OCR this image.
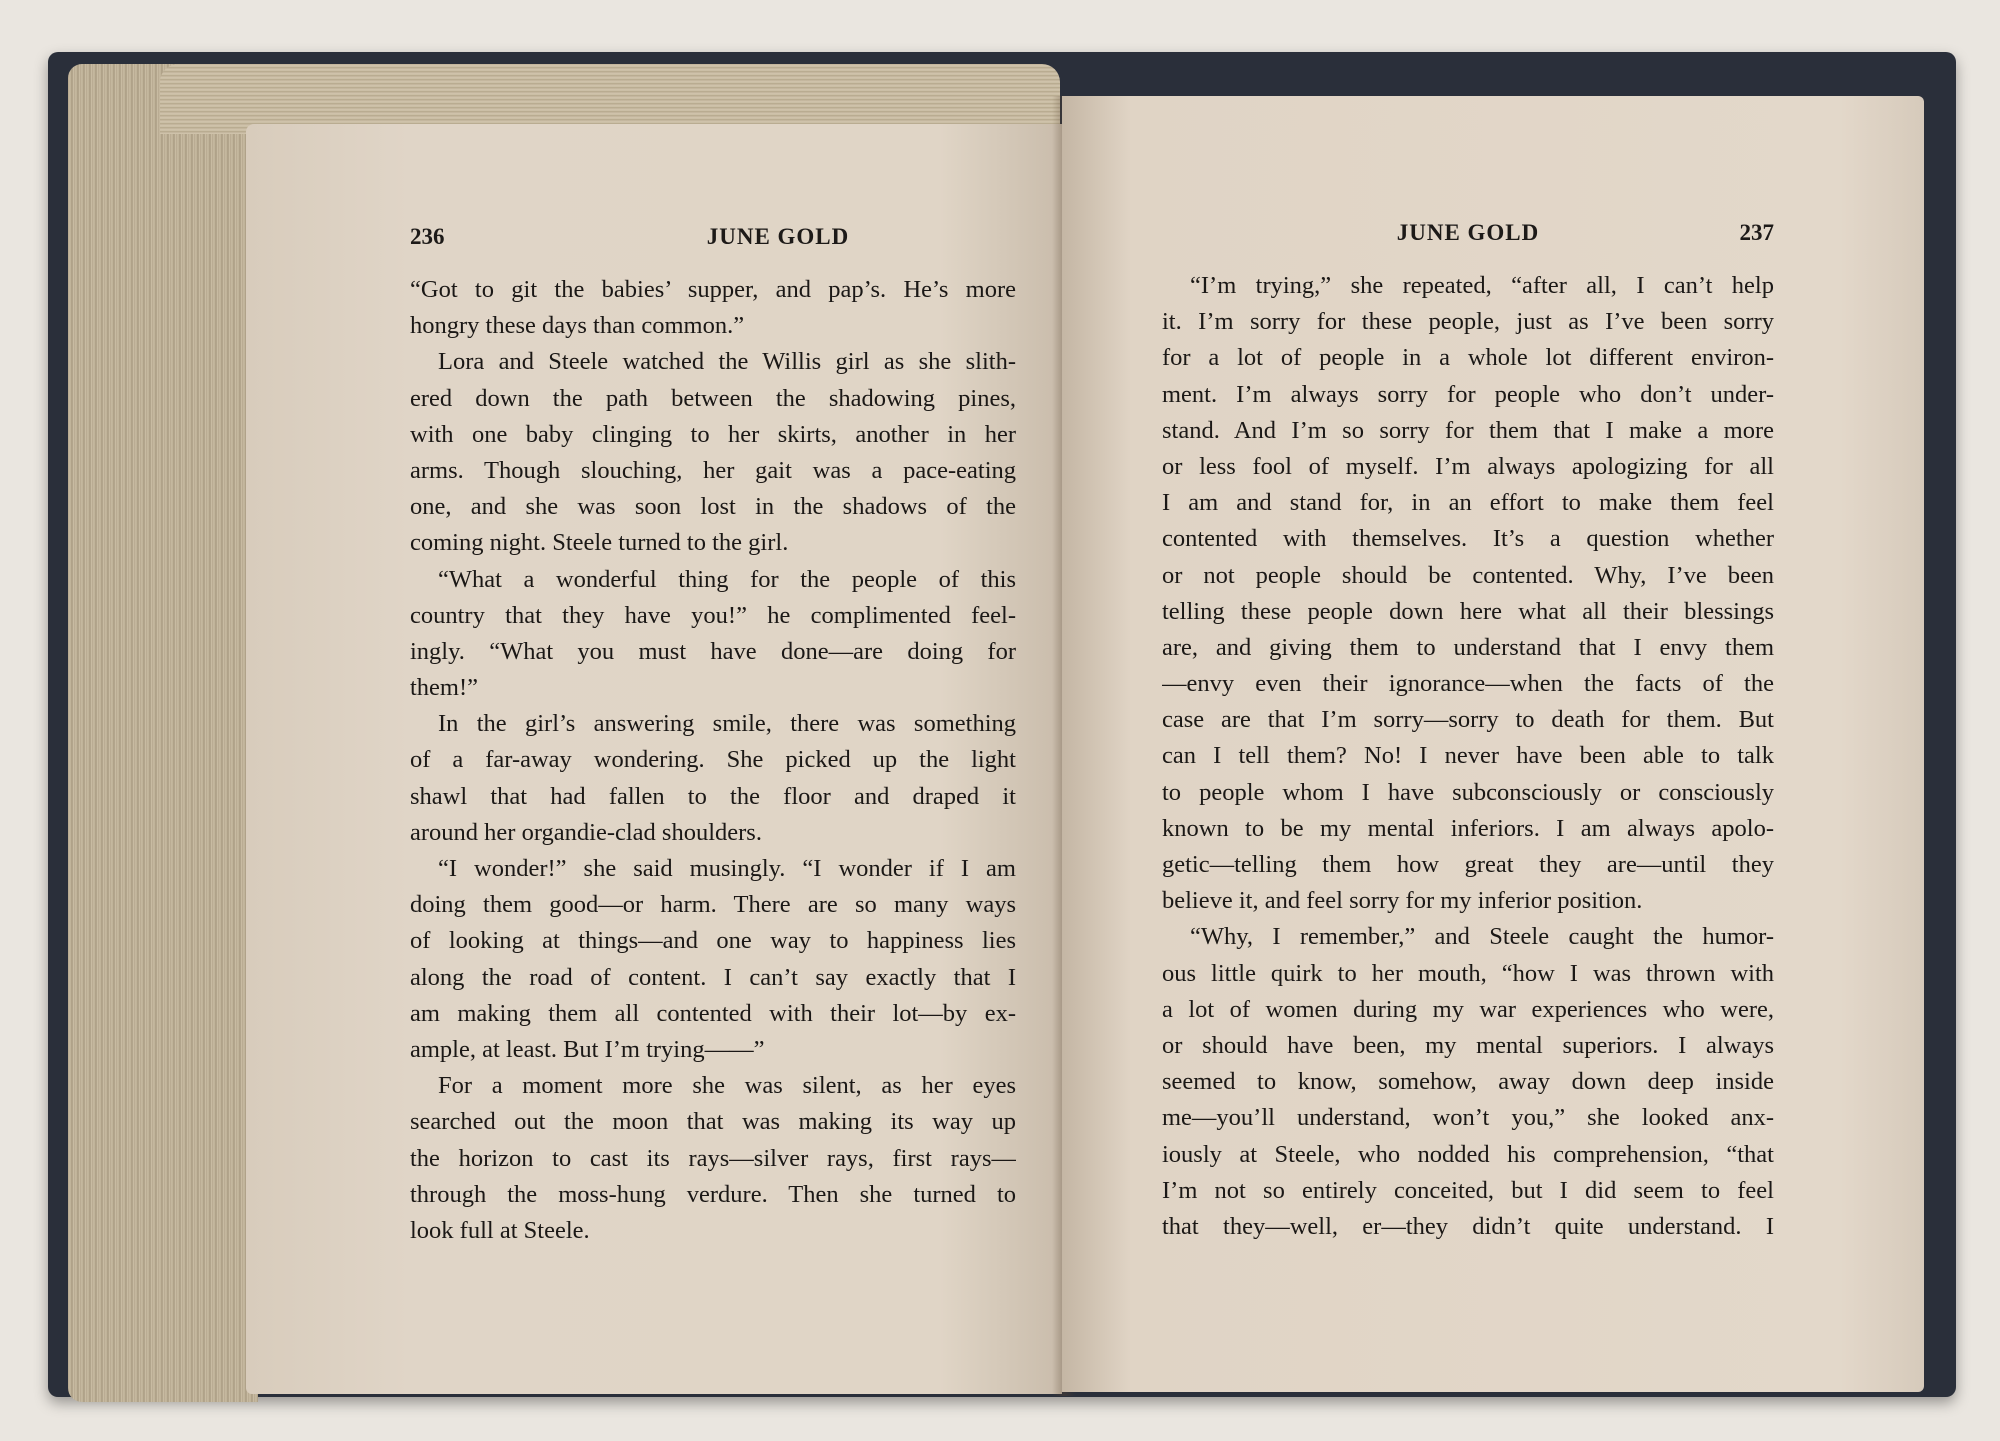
236	JUNE GOLD
“Got to git the babies’ supper, and pap’s. He’s more
hongry these days than common.”
Lora and Steele watched the Willis girl as she slith-
ered down the path between the shadowing pines,
with one baby clinging to her skirts, another in her
arms. Though slouching, her gait was a pace-eating
one, and she was soon lost in the shadows of the
coming night. Steele turned to the girl.
“What a wonderful thing for the people of this
country that they have you!” he complimented feel-
ingly. “What you must have done—are doing for
them!”
In the girl’s answering smile, there was something
of a far-away wondering. She picked up the light
shawl that had fallen to the floor and draped it
around her organdie-clad shoulders.
“I wonder!” she said musingly. “I wonder if I am
doing them good—or harm. There are so many ways
of looking at things—and one way to happiness lies
along the road of content. I can’t say exactly that I
am making them all contented with their lot—by ex-
ample, at least. But I’m trying——”
For a moment more she was silent, as her eyes
searched out the moon that was making its way up
the horizon to cast its rays—silver rays, first rays—
through the moss-hung verdure. Then she turned to
look full at Steele.
JUNE GOLD	237
“I’m trying,” she repeated, “after all, I can’t help
it. I’m sorry for these people, just as I’ve been sorry
for a lot of people in a whole lot different environ-
ment. I’m always sorry for people who don’t under-
stand. And I’m so sorry for them that I make a more
or less fool of myself. I’m always apologizing for all
I am and stand for, in an effort to make them feel
contented with themselves. It’s a question whether
or not people should be contented. Why, I’ve been
telling these people down here what all their blessings
are, and giving them to understand that I envy them
—envy even their ignorance—when the facts of the
case are that I’m sorry—sorry to death for them. But
can I tell them? No! I never have been able to talk
to people whom I have subconsciously or consciously
known to be my mental inferiors. I am always apolo-
getic—telling them how great they are—until they
believe it, and feel sorry for my inferior position.
“Why, I remember,” and Steele caught the humor-
ous little quirk to her mouth, “how I was thrown with
a lot of women during my war experiences who were,
or should have been, my mental superiors. I always
seemed to know, somehow, away down deep inside
me—you’ll understand, won’t you,” she looked anx-
iously at Steele, who nodded his comprehension, “that
I’m not so entirely conceited, but I did seem to feel
that they—well, er—they didn’t quite understand. I
